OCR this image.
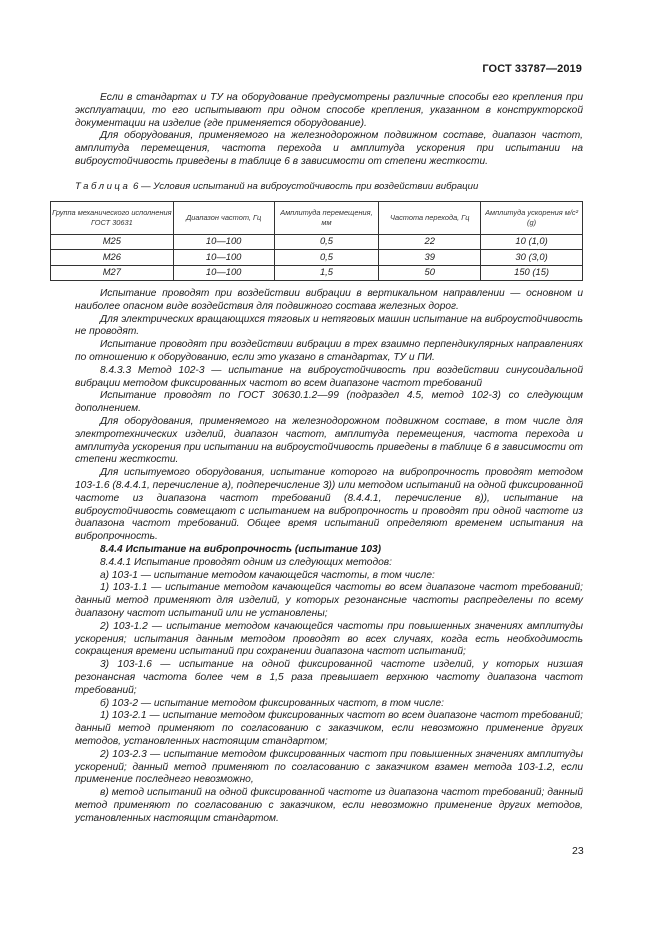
ГОСТ 33787—2019

Если в стандартах и ТУ на оборудование предусмотрены различные способы его крепления при эксплуатации, то его испытывают при одном способе крепления, указанном в конструкторской документации на изделие (где применяется оборудование).

Для оборудования, применяемого на железнодорожном подвижном составе, диапазон частот, амплитуда перемещения, частота перехода и амплитуда ускорения при испытании на виброустойчивость приведены в таблице 6 в зависимости от степени жесткости.

Таблица 6 — Условия испытаний на виброустойчивость при воздействии вибрации

Группа механического исполнения ГОСТ 30631	Диапазон частот, Гц	Амплитуда перемещения, мм	Частота перехода, Гц	Амплитуда ускорения м/с² (g)
М25	10—100	0,5	22	10 (1,0)
М26	10—100	0,5	39	30 (3,0)
М27	10—100	1,5	50	150 (15)

Испытание проводят при воздействии вибрации в вертикальном направлении — основном и наиболее опасном виде воздействия для подвижного состава железных дорог.

Для электрических вращающихся тяговых и нетяговых машин испытание на виброустойчивость не проводят.

Испытание проводят при воздействии вибрации в трех взаимно перпендикулярных направлениях по отношению к оборудованию, если это указано в стандартах, ТУ и ПИ.

8.4.3.3 Метод 102-3 — испытание на виброустойчивость при воздействии синусоидальной вибрации методом фиксированных частот во всем диапазоне частот требований

Испытание проводят по ГОСТ 30630.1.2—99 (подраздел 4.5, метод 102-3) со следующим дополнением.

Для оборудования, применяемого на железнодорожном подвижном составе, в том числе для электротехнических изделий, диапазон частот, амплитуда перемещения, частота перехода и амплитуда ускорения при испытании на виброустойчивость приведены в таблице 6 в зависимости от степени жесткости.

Для испытуемого оборудования, испытание которого на вибропрочность проводят методом 103-1.6 (8.4.4.1, перечисление а), подперечисление 3)) или методом испытаний на одной фиксированной частоте из диапазона частот требований (8.4.4.1, перечисление в)), испытание на виброустойчивость совмещают с испытанием на вибропрочность и проводят при одной частоте из диапазона частот требований. Общее время испытаний определяют временем испытания на вибропрочность.

8.4.4 Испытание на вибропрочность (испытание 103)

8.4.4.1 Испытание проводят одним из следующих методов:

а) 103-1 — испытание методом качающейся частоты, в том числе:

1) 103-1.1 — испытание методом качающейся частоты во всем диапазоне частот требований; данный метод применяют для изделий, у которых резонансные частоты распределены по всему диапазону частот испытаний или не установлены;

2) 103-1.2 — испытание методом качающейся частоты при повышенных значениях амплитуды ускорения; испытания данным методом проводят во всех случаях, когда есть необходимость сокращения времени испытаний при сохранении диапазона частот испытаний;

3) 103-1.6 — испытание на одной фиксированной частоте изделий, у которых низшая резонансная частота более чем в 1,5 раза превышает верхнюю частоту диапазона частот требований;

б) 103-2 — испытание методом фиксированных частот, в том числе:

1) 103-2.1 — испытание методом фиксированных частот во всем диапазоне частот требований; данный метод применяют по согласованию с заказчиком, если невозможно применение других методов, установленных настоящим стандартом;

2) 103-2.3 — испытание методом фиксированных частот при повышенных значениях амплитуды ускорений; данный метод применяют по согласованию с заказчиком взамен метода 103-1.2, если применение последнего невозможно,

в) метод испытаний на одной фиксированной частоте из диапазона частот требований; данный метод применяют по согласованию с заказчиком, если невозможно применение других методов, установленных настоящим стандартом.

23
